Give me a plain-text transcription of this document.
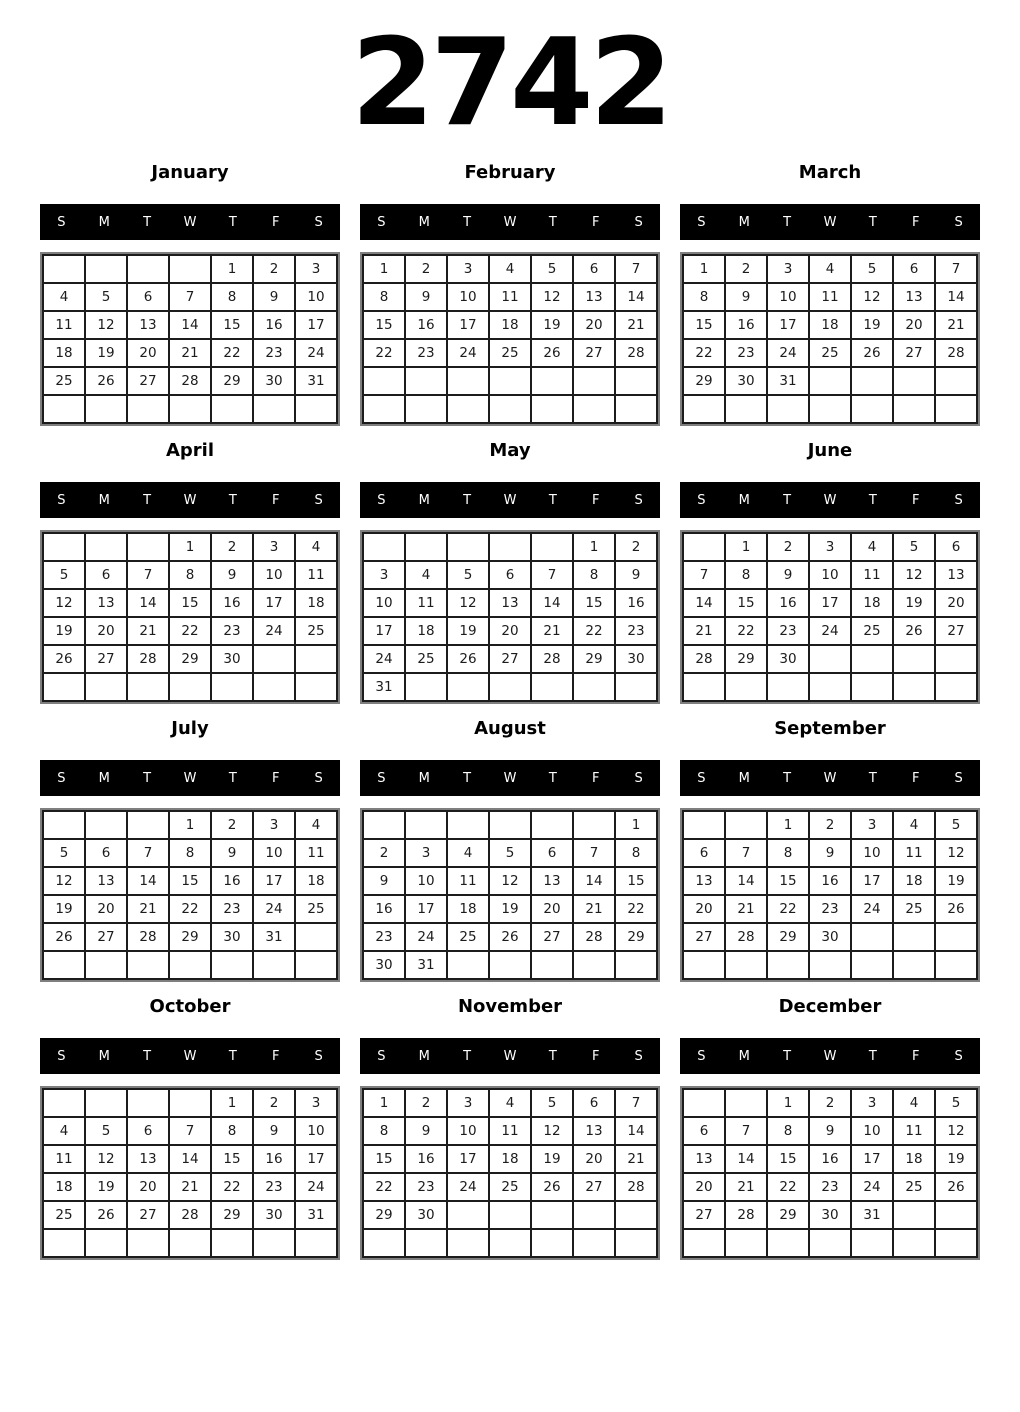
2742
January
S	M	T	W	T	F	S
				1	2	3
4	5	6	7	8	9	10
11	12	13	14	15	16	17
18	19	20	21	22	23	24
25	26	27	28	29	30	31

February
S	M	T	W	T	F	S
1	2	3	4	5	6	7
8	9	10	11	12	13	14
15	16	17	18	19	20	21
22	23	24	25	26	27	28

March
S	M	T	W	T	F	S
1	2	3	4	5	6	7
8	9	10	11	12	13	14
15	16	17	18	19	20	21
22	23	24	25	26	27	28
29	30	31				

April
S	M	T	W	T	F	S
			1	2	3	4
5	6	7	8	9	10	11
12	13	14	15	16	17	18
19	20	21	22	23	24	25
26	27	28	29	30		

May
S	M	T	W	T	F	S
					1	2
3	4	5	6	7	8	9
10	11	12	13	14	15	16
17	18	19	20	21	22	23
24	25	26	27	28	29	30
31						
June
S	M	T	W	T	F	S
	1	2	3	4	5	6
7	8	9	10	11	12	13
14	15	16	17	18	19	20
21	22	23	24	25	26	27
28	29	30				

July
S	M	T	W	T	F	S
			1	2	3	4
5	6	7	8	9	10	11
12	13	14	15	16	17	18
19	20	21	22	23	24	25
26	27	28	29	30	31	

August
S	M	T	W	T	F	S
						1
2	3	4	5	6	7	8
9	10	11	12	13	14	15
16	17	18	19	20	21	22
23	24	25	26	27	28	29
30	31					
September
S	M	T	W	T	F	S
		1	2	3	4	5
6	7	8	9	10	11	12
13	14	15	16	17	18	19
20	21	22	23	24	25	26
27	28	29	30			

October
S	M	T	W	T	F	S
				1	2	3
4	5	6	7	8	9	10
11	12	13	14	15	16	17
18	19	20	21	22	23	24
25	26	27	28	29	30	31

November
S	M	T	W	T	F	S
1	2	3	4	5	6	7
8	9	10	11	12	13	14
15	16	17	18	19	20	21
22	23	24	25	26	27	28
29	30					

December
S	M	T	W	T	F	S
		1	2	3	4	5
6	7	8	9	10	11	12
13	14	15	16	17	18	19
20	21	22	23	24	25	26
27	28	29	30	31		
